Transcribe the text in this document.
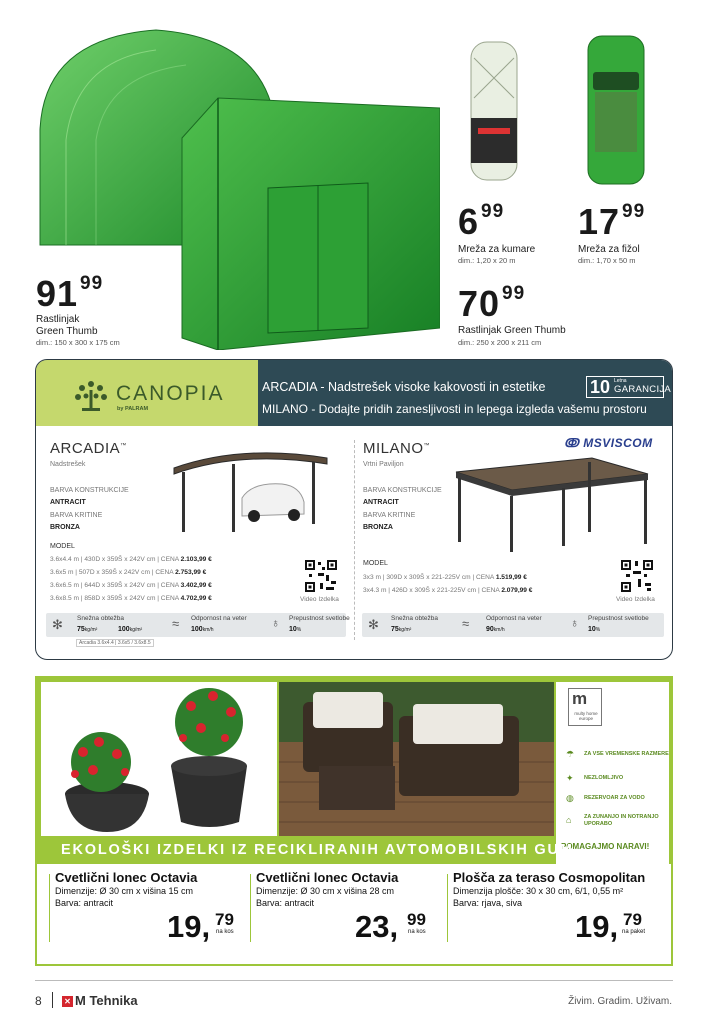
91 $^{99}$
Rastlinjak
Green Thumb
dim.: 150 x 300 x 175 cm
6 $^{99}$
Mreža za kumare
dim.: 1,20 x 20 m
17 $^{99}$
Mreža za fižol
dim.: 1,70 x 50 m
70 $^{99}$
Rastlinjak Green Thumb
dim.: 250 x 200 x 211 cm
CANOPIA
by PALRAM
ARCADIA - Nadstrešek visoke kakovosti in estetike
MILANO - Dodajte pridih zanesljivosti in lepega izgleda vašemu prostoru
10 Letna
GARANCIJA
ARCADIA™
Nadstrešek
BARVA KONSTRUKCIJE
ANTRACIT
BARVA KRITINE
BRONZA
MODEL
3.6x4.4 m | 430D x 359Š x 242V cm | CENA 2.103,99 €
3.6x5 m | 507D x 359Š x 242V cm | CENA 2.753,99 €
3.6x6.5 m | 644D x 359Š x 242V cm | CENA 3.402,99 €
3.6x8.5 m | 858D x 359Š x 242V cm | CENA 4.702,99 €	Video Izdelka
✻ Snežna obtežba
75kg/m²	100kg/m² ≈ Odpornost na veter
100km/h	♁ Prepustnost svetlobe
10%
Arcadia 3.6x4.4 | 3.6x5 / 3.6x8.5
MILANO™
Vrtni Paviljon
ↂ MSVISCOM
BARVA KONSTRUKCIJE
ANTRACIT
BARVA KRITINE
BRONZA
MODEL
3x3 m | 309D x 309Š x 221-225V cm | CENA 1.519,99 €
3x4.3 m | 426D x 309Š x 221-225V cm | CENA 2.079,99 €
Video Izdelka
✻ Snežna obtežba
75kg/m²	≈	Odpornost na veter
90km/h	♁ Prepustnost svetlobe
10%
m
multy home europe
☂ ZA VSE VREMENSKE RAZMERE
✦ NEZLOMLJIVO
◍ REZERVOAR ZA VODO
⌂ ZA ZUNANJO IN NOTRANJO UPORABO
POMAGAJMO NARAVI!
EKOLOŠKI IZDELKI IZ RECIKLIRANIH AVTOMOBILSKIH GUM
Cvetlični lonec Octavia
Dimenzije: Ø 30 cm x višina 15 cm
Barva: antracit
19, 79
na kos
Cvetlični lonec Octavia
Dimenzije: Ø 30 cm x višina 28 cm
Barva: antracit
23, 99
na kos
Plošča za teraso Cosmopolitan
Dimenzija plošče: 30 x 30 cm, 6/1, 0,55 m²
Barva: rjava, siva
19, 79
na paket
8	✕ M Tehnika	Živim. Gradim. Uživam.
